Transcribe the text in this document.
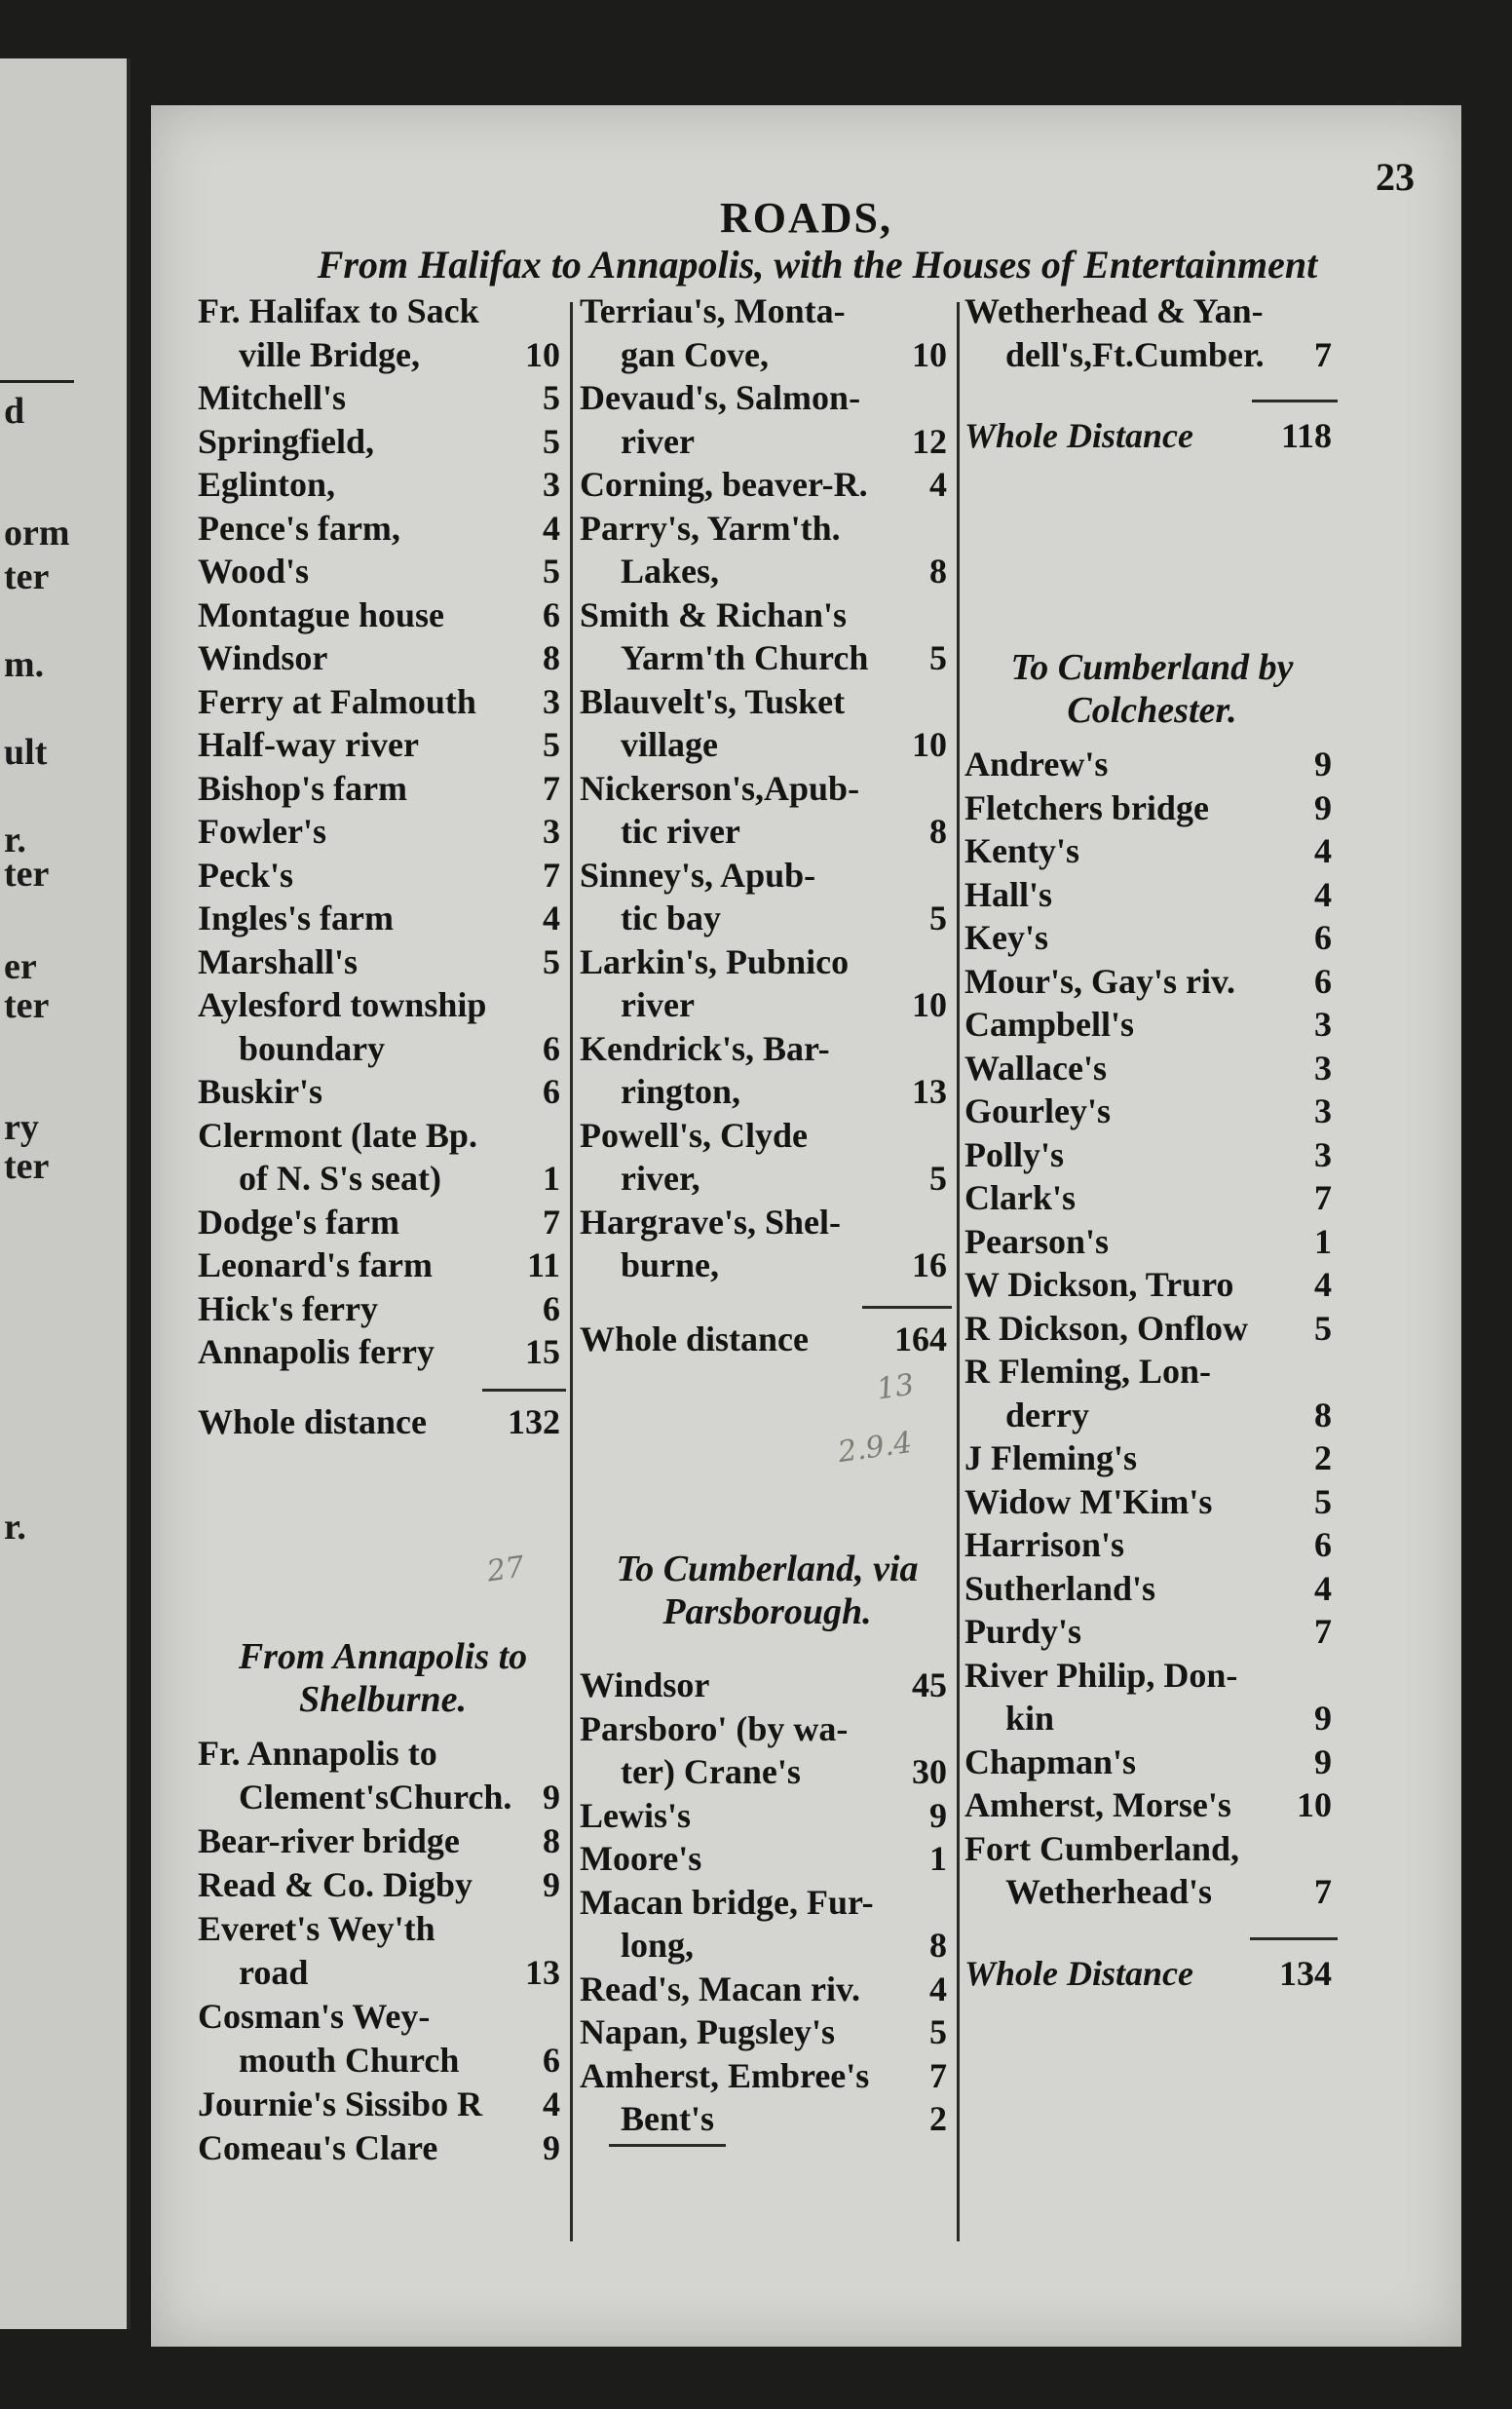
d
orm
ter
m.
ult
r.
ter
er
ter
ry
ter
r.
23
ROADS,
From Halifax to Annapolis, with the Houses of Entertainment
Fr. Halifax to Sack
ville Bridge,	10
Mitchell's	5
Springfield,	5
Eglinton,	3
Pence's farm,	4
Wood's	5
Montague house	6
Windsor	8
Ferry at Falmouth 3
Half-way river	5
Bishop's farm	7
Fowler's	3
Peck's	7
Ingles's farm	4
Marshall's	5
Aylesford township
boundary	6
Buskir's	6
Clermont (late Bp.
of N. S's seat)	1
Dodge's farm	7
Leonard's farm	11
Hick's ferry	6
Annapolis ferry	15
Whole distance 132
From Annapolis to
Shelburne.
Fr. Annapolis to
Clement'sChurch. 9
Bear-river bridge 8
Read & Co. Digby 9
Everet's Wey'th
road	13
Cosman's Wey-
mouth Church 6
Journie's Sissibo R 4
Comeau's Clare	9
Terriau's, Monta-
gan Cove,	10
Devaud's, Salmon-
river	12
Corning, beaver-R. 4
Parry's, Yarm'th.
Lakes,	8
Smith & Richan's
Yarm'th Church 5
Blauvelt's, Tusket
village	10
Nickerson's,Apub-
tic river	8
Sinney's, Apub-
tic bay	5
Larkin's, Pubnico
river	10
Kendrick's, Bar-
rington,	13
Powell's, Clyde
river,	5
Hargrave's, Shel-
burne,	16
Whole distance 164
To Cumberland, via
Parsborough.
Windsor	45
Parsboro' (by wa-
ter) Crane's	30
Lewis's	9
Moore's	1
Macan bridge, Fur-
long,	8
Read's, Macan riv. 4
Napan, Pugsley's	5
Amherst, Embree's 7
Bent's	2
Wetherhead & Yan-
dell's,Ft.Cumber. 7
Whole Distance 118
To Cumberland by
Colchester.
Andrew's	9
Fletchers bridge	9
Kenty's	4
Hall's	4
Key's	6
Mour's, Gay's riv. 6
Campbell's	3
Wallace's	3
Gourley's	3
Polly's	3
Clark's	7
Pearson's	1
W Dickson, Truro 4
R Dickson, Onflow 5
R Fleming, Lon-
derry	8
J Fleming's	2
Widow M'Kim's	5
Harrison's	6
Sutherland's	4
Purdy's	7
River Philip, Don-
kin	9
Chapman's	9
Amherst, Morse's 10
Fort Cumberland,
Wetherhead's	7
Whole Distance 134
13
2.9.4
27
